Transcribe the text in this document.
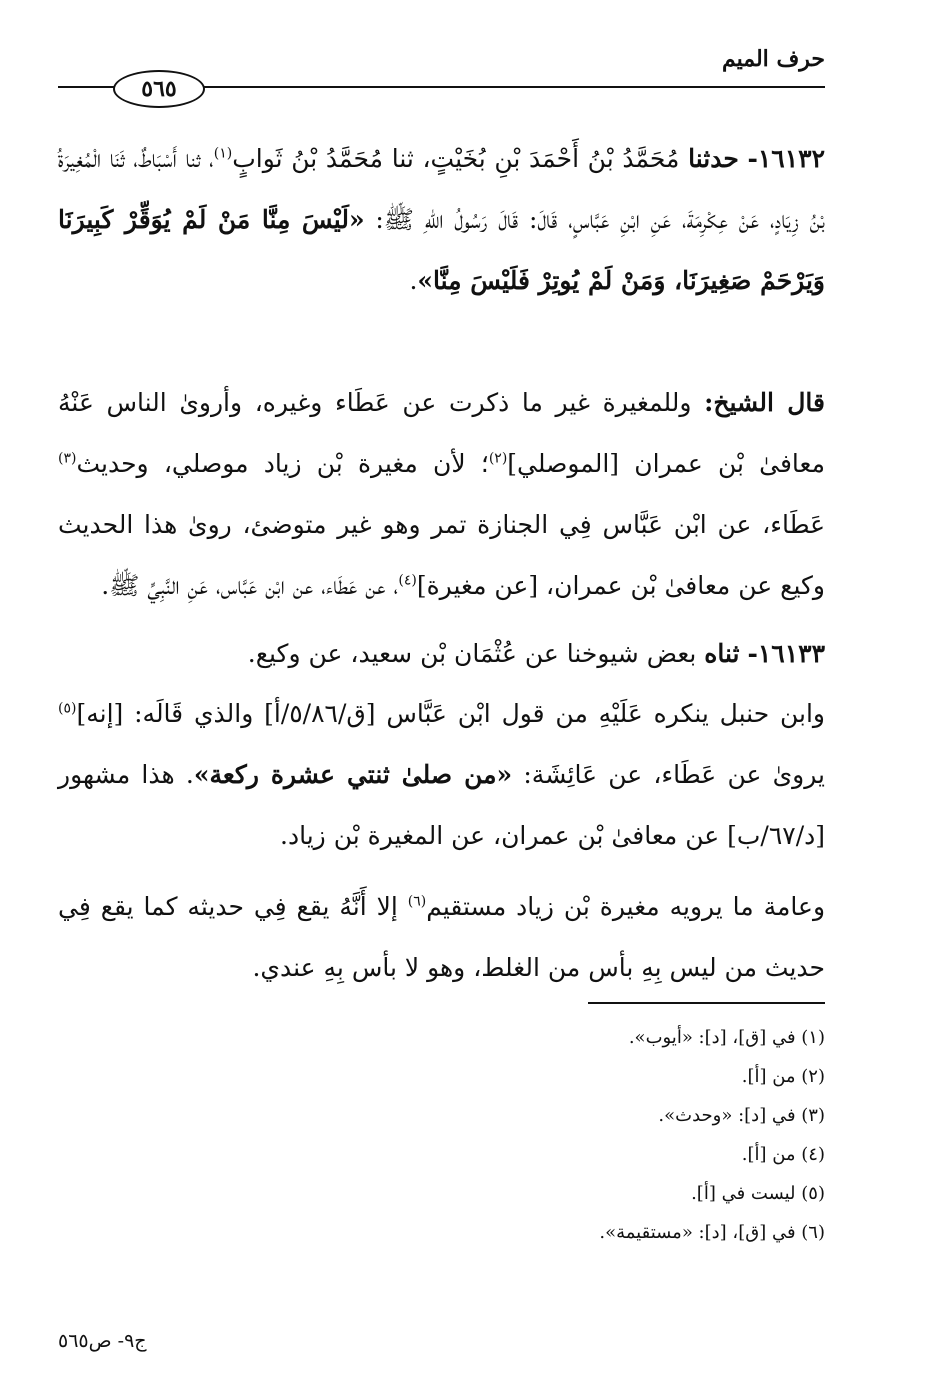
حرف الميم
٥٦٥

١٦١٣٢- حدثنا مُحَمَّدُ بْنُ أَحْمَدَ بْنِ بُخَيْتٍ، ثنا مُحَمَّدُ بْنُ ثَوابٍ$^{(١)}$، ثنا أَسْبَاطٌ، ثَنَا الْمُغِيرَةُ بْنُ زِيَادٍ، عَنْ عِكْرِمَةَ، عَنِ ابْنِ عَبَّاسٍ، قَالَ: قَالَ رَسُولُ اللهِ ﷺ: «لَيْسَ مِنَّا مَنْ لَمْ يُوَقِّرْ كَبِيرَنَا وَيَرْحَمْ صَغِيرَنَا، وَمَنْ لَمْ يُوتِرْ فَلَيْسَ مِنَّا».

قال الشيخ: وللمغيرة غير ما ذكرت عن عَطَاء وغيره، وأروىٰ الناس عَنْهُ معافىٰ بْن عمران [الموصلي]$^{(٢)}$؛ لأن مغيرة بْن زياد موصلي، وحديث$^{(٣)}$ عَطَاء، عن ابْن عَبَّاس فِي الجنازة تمر وهو غير متوضئ، روىٰ هذا الحديث وكيع عن معافىٰ بْن عمران، [عن مغيرة]$^{(٤)}$، عن عَطَاء، عن ابْن عَبَّاس، عَنِ النَّبِيِّ ﷺ.

١٦١٣٣- ثناه بعض شيوخنا عن عُثْمَان بْن سعيد، عن وكيع.

وابن حنبل ينكره عَلَيْهِ من قول ابْن عَبَّاس [ق/٥/٨٦/أ] والذي قَالَه: [إنه]$^{(٥)}$ يروىٰ عن عَطَاء، عن عَائِشَة: «من صلىٰ ثنتي عشرة ركعة». هذا مشهور [د/٦٧/ب] عن معافىٰ بْن عمران، عن المغيرة بْن زياد.

وعامة ما يرويه مغيرة بْن زياد مستقيم$^{(٦)}$ إلا أَنَّهُ يقع فِي حديثه كما يقع فِي حديث من ليس بِهِ بأس من الغلط، وهو لا بأس بِهِ عندي.

(١) في [ق]، [د]: «أيوب».
(٢) من [أ].
(٣) في [د]: «وحدث».
(٤) من [أ].
(٥) ليست في [أ].
(٦) في [ق]، [د]: «مستقيمة».
ج٩- ص٥٦٥
